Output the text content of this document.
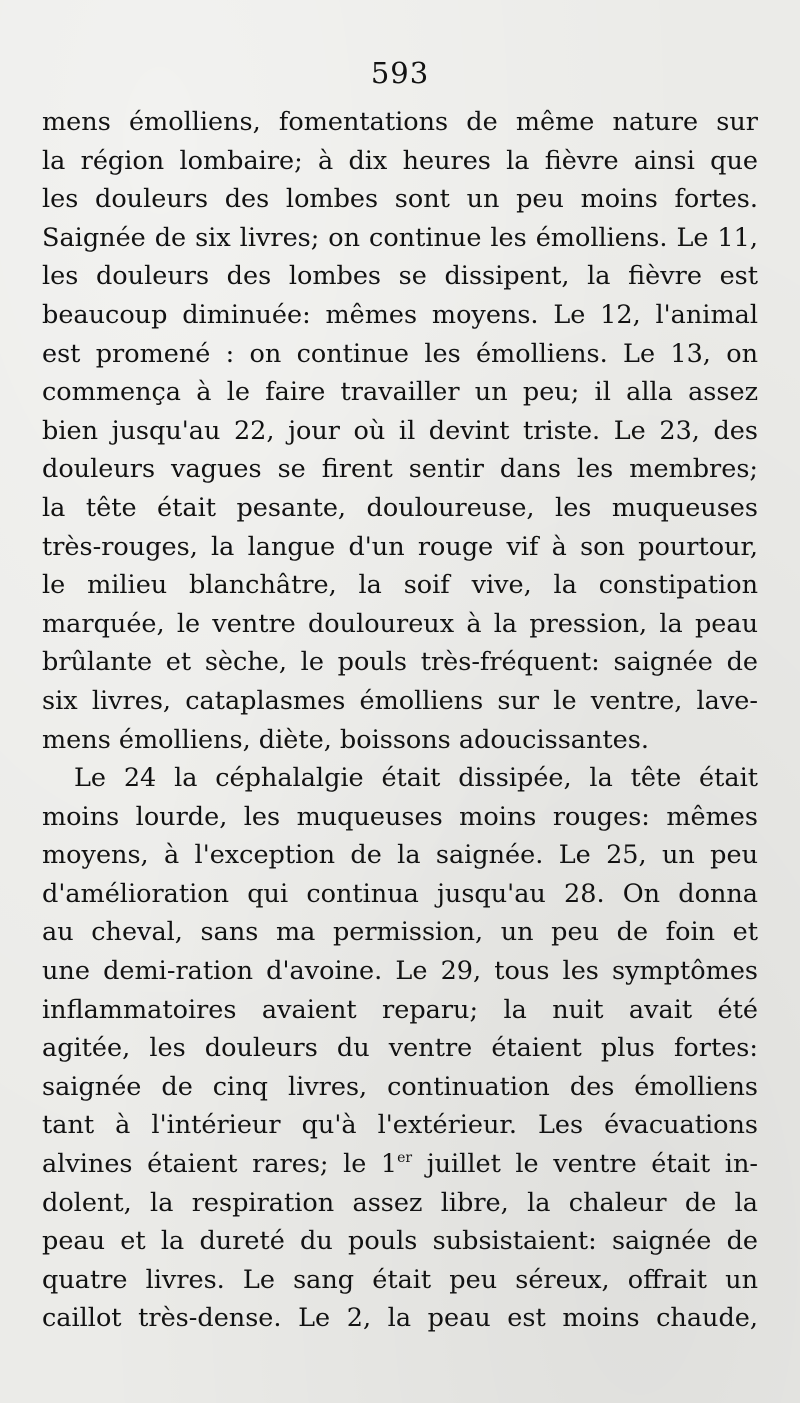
593
mens émolliens, fomentations de même nature sur
la région lombaire; à dix heures la fièvre ainsi que
les douleurs des lombes sont un peu moins fortes.
Saignée de six livres; on continue les émolliens. Le 11,
les douleurs des lombes se dissipent, la fièvre est
beaucoup diminuée: mêmes moyens. Le 12, l'animal
est promené : on continue les émolliens. Le 13, on
commença à le faire travailler un peu; il alla assez
bien jusqu'au 22, jour où il devint triste. Le 23, des
douleurs vagues se firent sentir dans les membres;
la tête était pesante, douloureuse, les muqueuses
très-rouges, la langue d'un rouge vif à son pourtour,
le milieu blanchâtre, la soif vive, la constipation
marquée, le ventre douloureux à la pression, la peau
brûlante et sèche, le pouls très-fréquent: saignée de
six livres, cataplasmes émolliens sur le ventre, lave-
mens émolliens, diète, boissons adoucissantes.
Le 24 la céphalalgie était dissipée, la tête était
moins lourde, les muqueuses moins rouges: mêmes
moyens, à l'exception de la saignée. Le 25, un peu
d'amélioration qui continua jusqu'au 28. On donna
au cheval, sans ma permission, un peu de foin et
une demi-ration d'avoine. Le 29, tous les symptômes
inflammatoires avaient reparu; la nuit avait été
agitée, les douleurs du ventre étaient plus fortes:
saignée de cinq livres, continuation des émolliens
tant à l'intérieur qu'à l'extérieur. Les évacuations
alvines étaient rares; le 1er juillet le ventre était in-
dolent, la respiration assez libre, la chaleur de la
peau et la dureté du pouls subsistaient: saignée de
quatre livres. Le sang était peu séreux, offrait un
caillot très-dense. Le 2, la peau est moins chaude,
